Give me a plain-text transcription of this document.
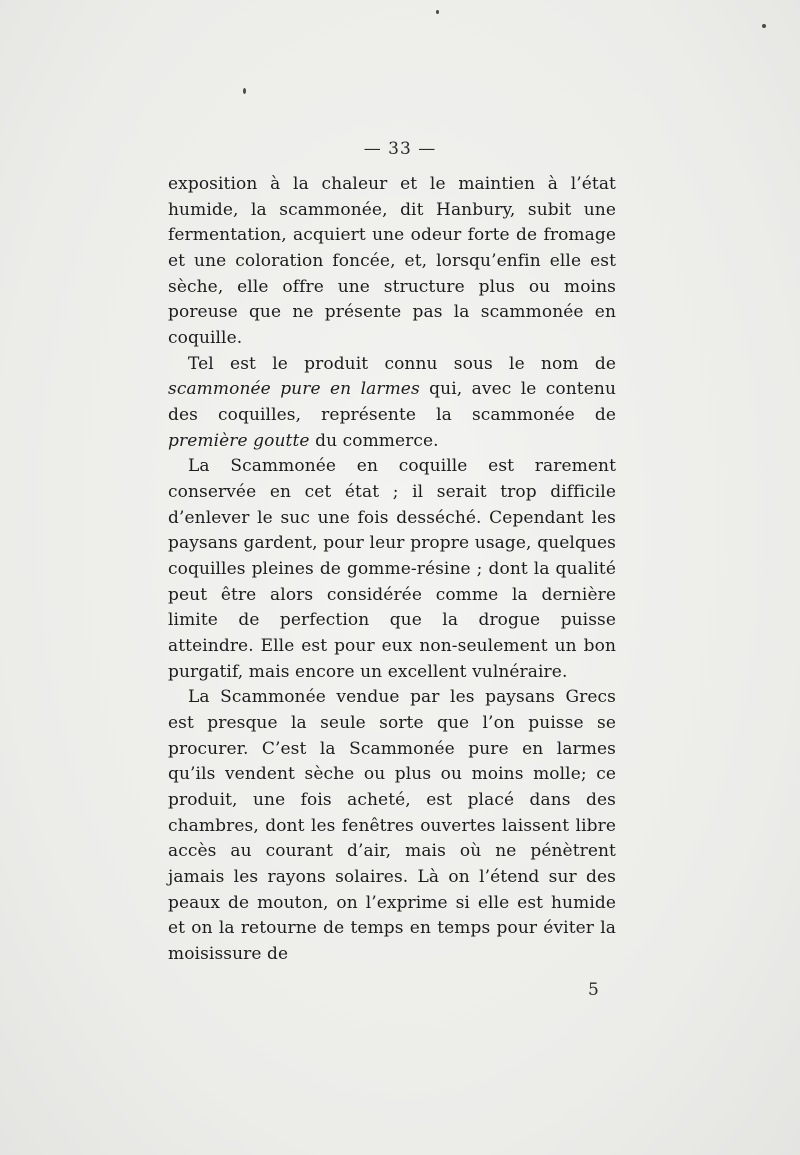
— 33 —

exposition à la chaleur et le maintien à l’état humide, la scammonée, dit Hanbury, subit une fermentation, acquiert une odeur forte de fromage et une coloration foncée, et, lorsqu’enfin elle est sèche, elle offre une structure plus ou moins poreuse que ne présente pas la scammonée en coquille.

Tel est le produit connu sous le nom de scammonée pure en larmes qui, avec le contenu des coquilles, représente la scammonée de première goutte du commerce.

La Scammonée en coquille est rarement conservée en cet état ; il serait trop difficile d’enlever le suc une fois desséché. Cependant les paysans gardent, pour leur propre usage, quelques coquilles pleines de gomme-résine ; dont la qualité peut être alors considérée comme la dernière limite de perfection que la drogue puisse atteindre. Elle est pour eux non-seulement un bon purgatif, mais encore un excellent vulnéraire.

La Scammonée vendue par les paysans Grecs est presque la seule sorte que l’on puisse se procurer. C’est la Scammonée pure en larmes qu’ils vendent sèche ou plus ou moins molle; ce produit, une fois acheté, est placé dans des chambres, dont les fenêtres ouvertes laissent libre accès au courant d’air, mais où ne pénètrent jamais les rayons solaires. Là on l’étend sur des peaux de mouton, on l’exprime si elle est humide et on la retourne de temps en temps pour éviter la moisissure de

5
